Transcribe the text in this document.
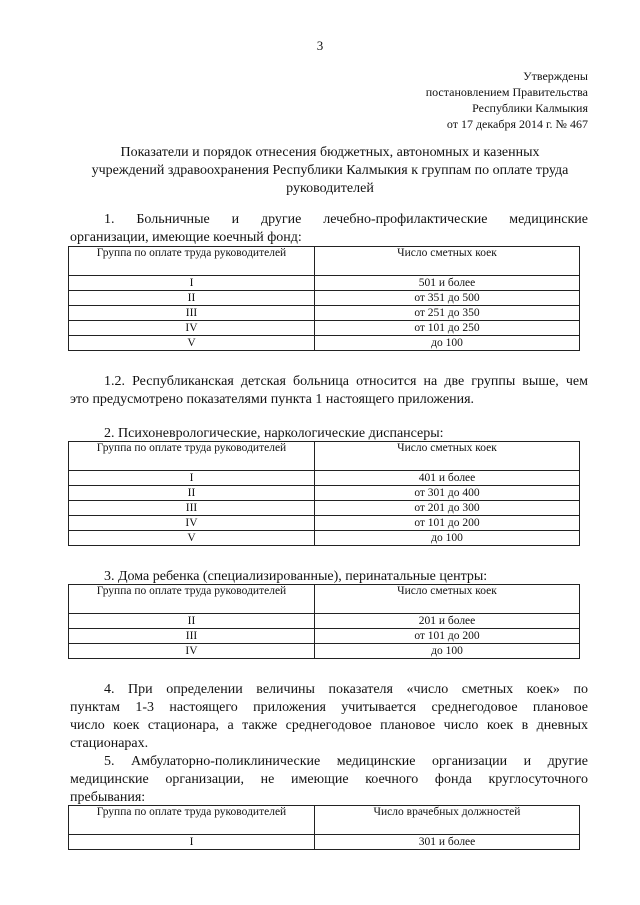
3
Утверждены
постановлением Правительства
Республики Калмыкия
от 17 декабря 2014 г. № 467
Показатели и порядок отнесения бюджетных, автономных и казенных
учреждений здравоохранения Республики Калмыкия к группам по оплате труда
руководителей
1. Больничные и другие лечебно-профилактические медицинские
организации, имеющие коечный фонд:
Группа по оплате труда руководителей	Число сметных коек
I	501 и более
II	от 351 до 500
III	от 251 до 350
IV	от 101 до 250
V	до 100
1.2. Республиканская детская больница относится на две группы выше, чем
это предусмотрено показателями пункта 1 настоящего приложения.
2. Психоневрологические, наркологические диспансеры:
Группа по оплате труда руководителей	Число сметных коек
I	401 и более
II	от 301 до 400
III	от 201 до 300
IV	от 101 до 200
V	до 100
3. Дома ребенка (специализированные), перинатальные центры:
Группа по оплате труда руководителей	Число сметных коек
II	201 и более
III	от 101 до 200
IV	до 100
4. При определении величины показателя «число сметных коек» по
пунктам 1-3 настоящего приложения учитывается среднегодовое плановое
число коек стационара, а также среднегодовое плановое число коек в дневных
стационарах.
5. Амбулаторно-поликлинические медицинские организации и другие
медицинские организации, не имеющие коечного фонда круглосуточного
пребывания:
Группа по оплате труда руководителей	Число врачебных должностей
I	301 и более
